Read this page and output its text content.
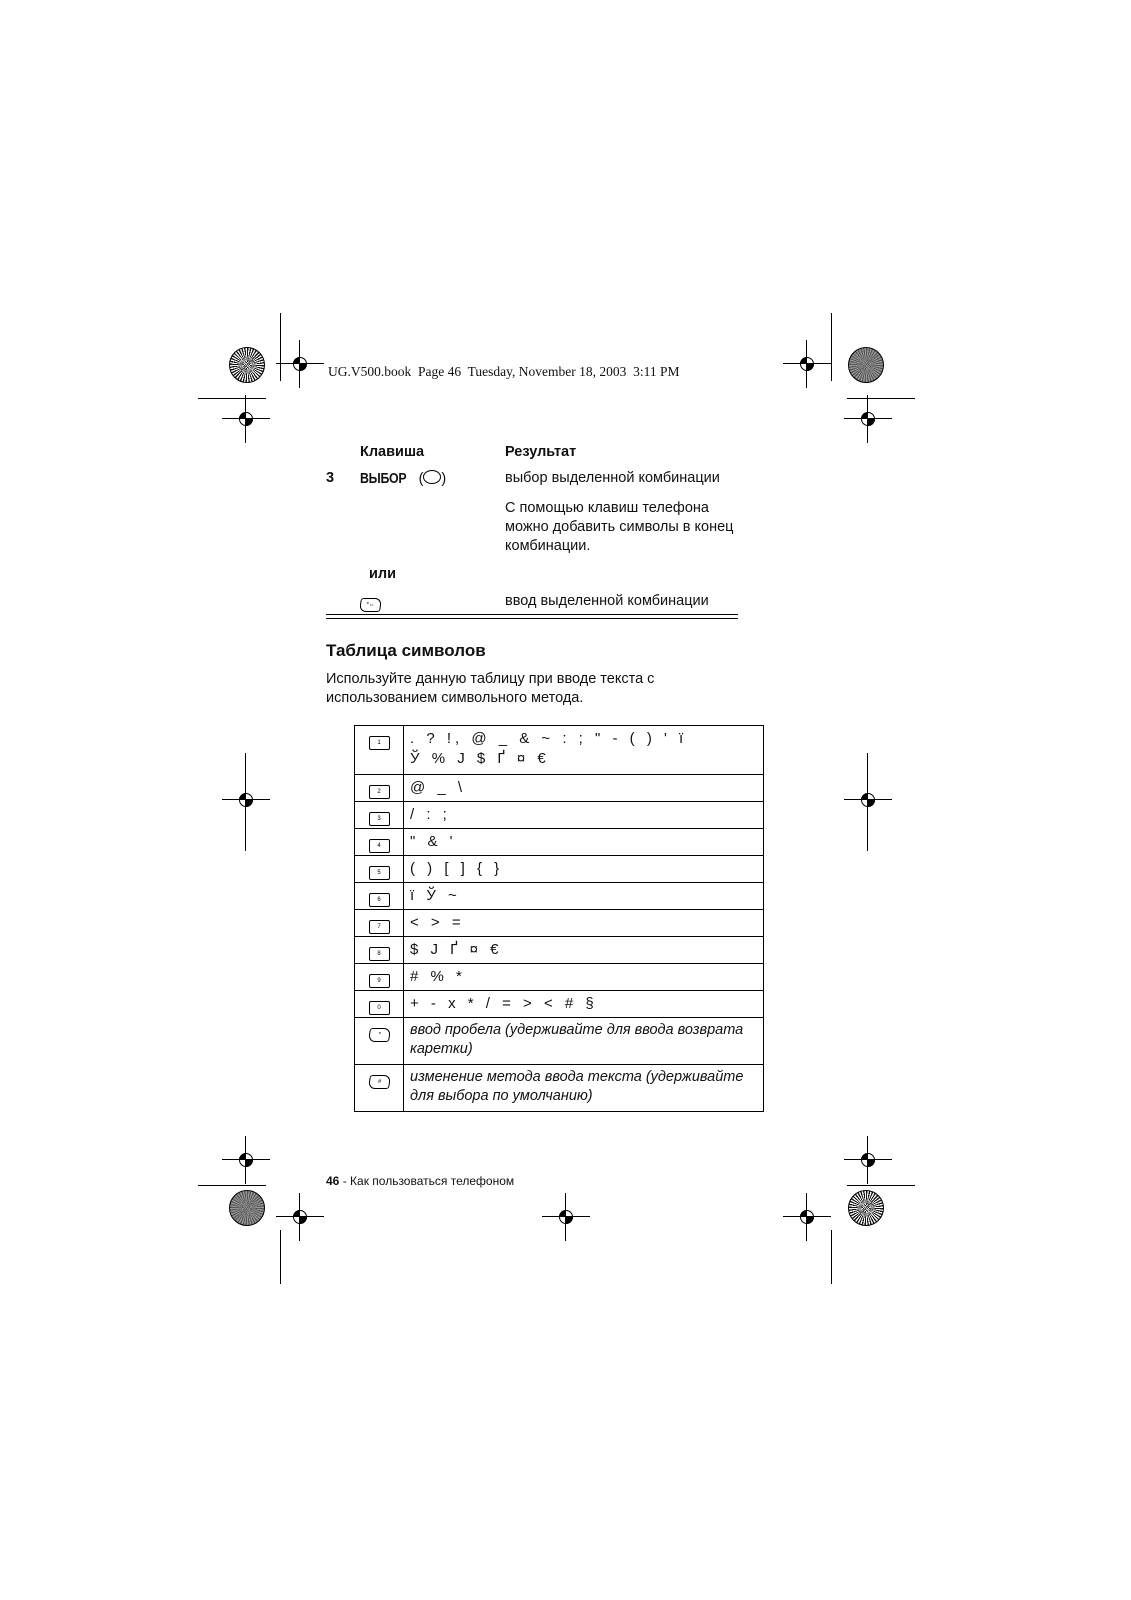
UG.V500.book  Page 46  Tuesday, November 18, 2003  3:11 PM
Клавиша	Результат
3 ВЫБОР ( )	выбор выделенной комбинации
С помощью клавиш телефона можно добавить символы в конец комбинации.
или
*↔	ввод выделенной комбинации
Таблица символов
Используйте данную таблицу при вводе текста с использованием символьного метода.
1	. ? !, @ _ & ~ : ; " - ( ) ' ï
Ў % Ј $ Ґ ¤ €
2	@ _ \
3	/ : ;
4	" & '
5	( ) [ ] { }
6	ï Ў ~
7	< > =
8	$ Ј Ґ ¤ €
9	# % *
0	+ - x * / = > < # §
*	ввод пробела (удерживайте для ввода возврата каретки)
#	изменение метода ввода текста (удерживайте для выбора по умолчанию)
46 - Как пользоваться телефоном
